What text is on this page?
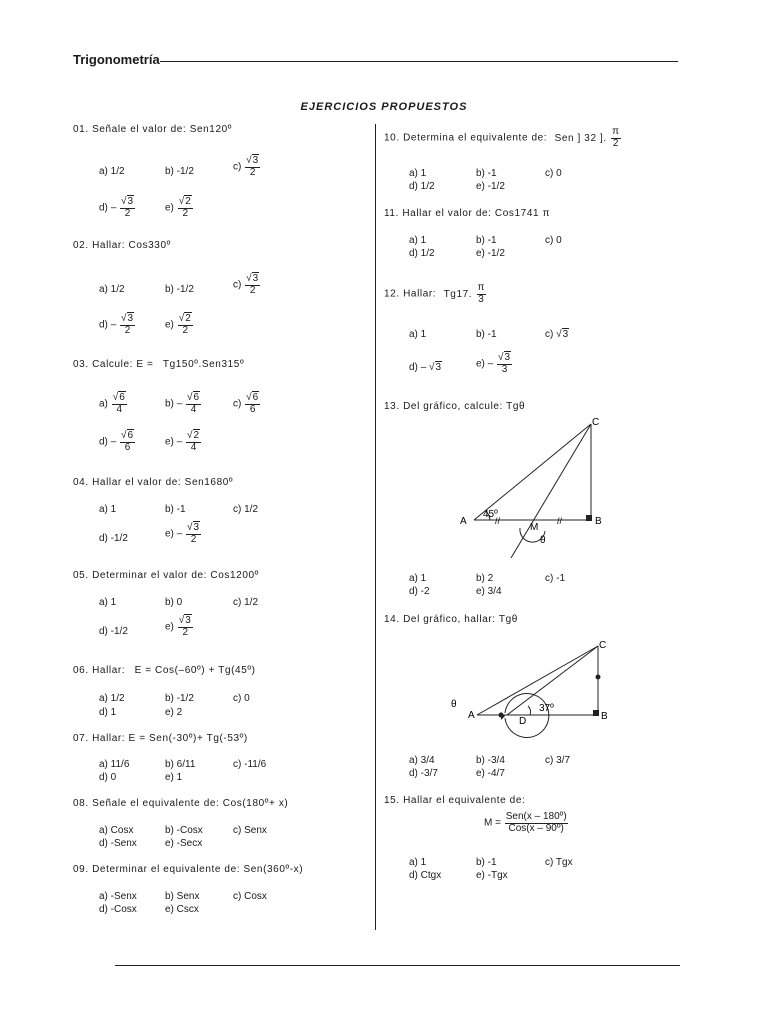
Trigonometría
EJERCICIOS PROPUESTOS
01. Señale el valor de: Sen120º
a) 1/2	b) -1/2	$c) \frac{√3}{2}$
$d) - \frac{√3}{2}$	$e) \frac{√2}{2}$
02. Hallar: Cos330º
a) 1/2	b) -1/2	$c) \frac{√3}{2}$
$d) - \frac{√3}{2}$	$e) \frac{√2}{2}$
03. Calcule: E = Tg150º.Sen315º
$a) \frac{√6}{4}$	$b) - \frac{√6}{4}$	$c) \frac{√6}{6}$
$d) - \frac{√6}{6}$	$e) - \frac{√2}{4}$
04. Hallar el valor de: Sen1680º
a) 1	b) -1	c) 1/2
d) -1/2	$e) - \frac{√3}{2}$
05. Determinar el valor de: Cos1200º
a) 1	b) 0	c) 1/2
d) -1/2	$e) \frac{√3}{2}$
06. Hallar: E = Cos(–60º) + Tg(45º)
a) 1/2	b) -1/2	c) 0
d) 1	e) 2
07. Hallar: E = Sen(-30º)+ Tg(-53º)
a) 11/6	b) 6/11	c) -11/6
d) 0	e) 1
08. Señale el equivalente de: Cos(180º+ x)
a) Cosx	b) -Cosx	c) Senx
d) -Senx	e) -Secx
09. Determinar el equivalente de: Sen(360º-x)
a) -Senx	b) Senx	c) Cosx
d) -Cosx	e) Cscx
10. Determina el equivalente de: Sen ] 32 ]. $\frac{\pi}{2}$
a) 1	b) -1	c) 0
d) 1/2	e) -1/2
11. Hallar el valor de: Cos1741 π
a) 1	b) -1	c) 0
d) 1/2	e) -1/2
12. Hallar: Tg17. $\frac{\pi}{3}$
a) 1	b) -1	c) √3
d) – √3	$e) - \frac{√3}{3}$
13. Del gráfico, calcule: Tgθ
A	B
C
M
45º
θ
//	//
a) 1	b) 2	c) -1
d) -2	e) 3/4
14. Del gráfico, hallar: Tgθ
A	B
C
D
37º
θ
a) 3/4	b) -3/4	c) 3/7
d) -3/7	e) -4/7
15. Hallar el equivalente de:
$M = \frac{\text{Sen(x – 180º)}}{\text{Cos(x – 90º)}}$
a) 1	b) -1	c) Tgx
d) Ctgx	e) -Tgx
